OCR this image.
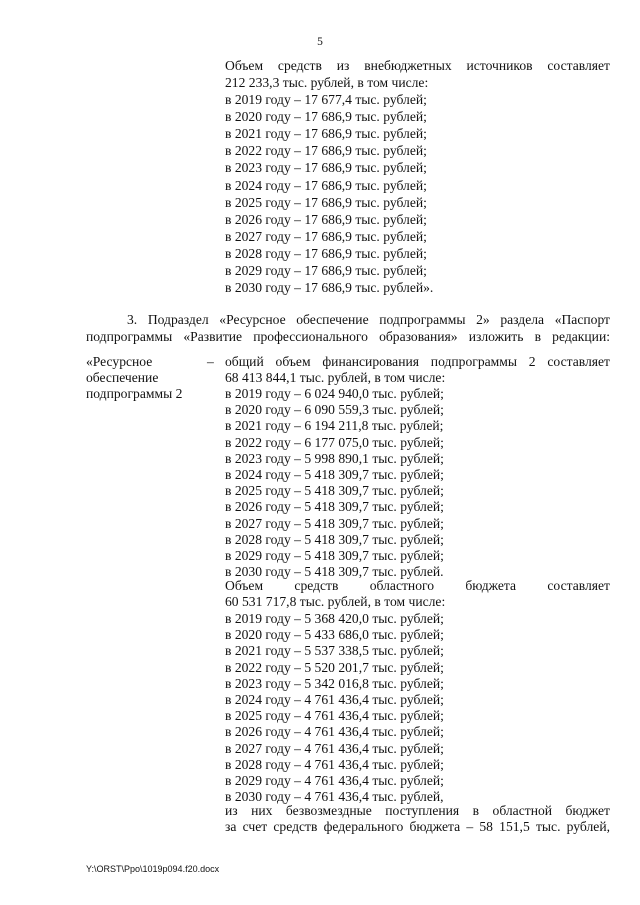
5
Объем средств из внебюджетных источников составляет
212 233,3 тыс. рублей, в том числе:
в 2019 году – 17 677,4 тыс. рублей;
в 2020 году – 17 686,9 тыс. рублей;
в 2021 году – 17 686,9 тыс. рублей;
в 2022 году – 17 686,9 тыс. рублей;
в 2023 году – 17 686,9 тыс. рублей;
в 2024 году – 17 686,9 тыс. рублей;
в 2025 году – 17 686,9 тыс. рублей;
в 2026 году – 17 686,9 тыс. рублей;
в 2027 году – 17 686,9 тыс. рублей;
в 2028 году – 17 686,9 тыс. рублей;
в 2029 году – 17 686,9 тыс. рублей;
в 2030 году – 17 686,9 тыс. рублей».
3. Подраздел «Ресурсное обеспечение подпрограммы 2» раздела «Паспорт
подпрограммы «Развитие профессионального образования» изложить в редакции:
«Ресурсное
обеспечение
подпрограммы 2
– общий объем финансирования подпрограммы 2 составляет
68 413 844,1 тыс. рублей, в том числе:
в 2019 году – 6 024 940,0 тыс. рублей;
в 2020 году – 6 090 559,3 тыс. рублей;
в 2021 году – 6 194 211,8 тыс. рублей;
в 2022 году – 6 177 075,0 тыс. рублей;
в 2023 году – 5 998 890,1 тыс. рублей;
в 2024 году – 5 418 309,7 тыс. рублей;
в 2025 году – 5 418 309,7 тыс. рублей;
в 2026 году – 5 418 309,7 тыс. рублей;
в 2027 году – 5 418 309,7 тыс. рублей;
в 2028 году – 5 418 309,7 тыс. рублей;
в 2029 году – 5 418 309,7 тыс. рублей;
в 2030 году – 5 418 309,7 тыс. рублей.
Объем средств областного бюджета составляет
60 531 717,8 тыс. рублей, в том числе:
в 2019 году – 5 368 420,0 тыс. рублей;
в 2020 году – 5 433 686,0 тыс. рублей;
в 2021 году – 5 537 338,5 тыс. рублей;
в 2022 году – 5 520 201,7 тыс. рублей;
в 2023 году – 5 342 016,8 тыс. рублей;
в 2024 году – 4 761 436,4 тыс. рублей;
в 2025 году – 4 761 436,4 тыс. рублей;
в 2026 году – 4 761 436,4 тыс. рублей;
в 2027 году – 4 761 436,4 тыс. рублей;
в 2028 году – 4 761 436,4 тыс. рублей;
в 2029 году – 4 761 436,4 тыс. рублей;
в 2030 году – 4 761 436,4 тыс. рублей,
из них безвозмездные поступления в областной бюджет
за счет средств федерального бюджета – 58 151,5 тыс. рублей,
Y:\ORST\Ppo\1019p094.f20.docx
